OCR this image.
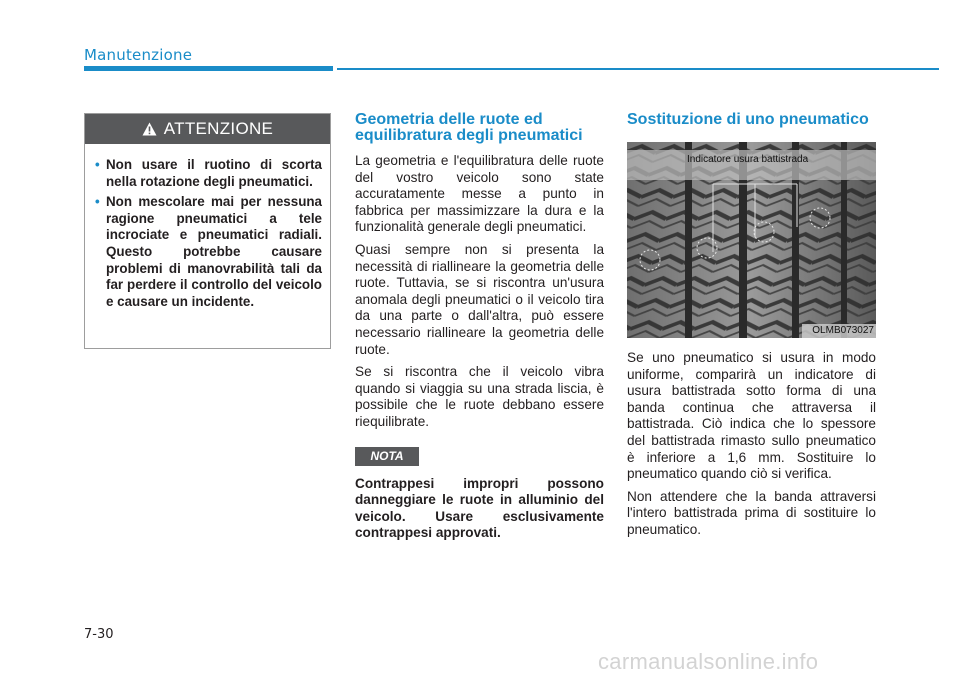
Manutenzione
ATTENZIONE
• Non usare il ruotino di scorta nella rotazione degli pneumatici.
• Non mescolare mai per nessuna ragione pneumatici a tele incrociate e pneumatici radiali. Questo potrebbe causare problemi di manovrabilità tali da far perdere il controllo del veicolo e causare un incidente.
Geometria delle ruote ed equilibratura degli pneumatici

La geometria e l'equilibratura delle ruote del vostro veicolo sono state accuratamente messe a punto in fabbrica per massimizzare la dura e la funzionalità generale degli pneumatici.

Quasi sempre non si presenta la necessità di riallineare la geometria delle ruote. Tuttavia, se si riscontra un'usura anomala degli pneumatici o il veicolo tira da una parte o dall'altra, può essere necessario riallineare la geometria delle ruote.

Se si riscontra che il veicolo vibra quando si viaggia su una strada liscia, è possibile che le ruote debbano essere riequilibrate.

NOTA

Contrappesi impropri possono danneggiare le ruote in alluminio del veicolo. Usare esclusivamente contrappesi approvati.

Sostituzione di uno pneumatico
Indicatore usura battistrada
OLMB073027

Se uno pneumatico si usura in modo uniforme, comparirà un indicatore di usura battistrada sotto forma di una banda continua che attraversa il battistrada. Ciò indica che lo spessore del battistrada rimasto sullo pneumatico è inferiore a 1,6 mm. Sostituire lo pneumatico quando ciò si verifica.

Non attendere che la banda attraversi l'intero battistrada prima di sostituire lo pneumatico.

7-30
carmanualsonline.info
